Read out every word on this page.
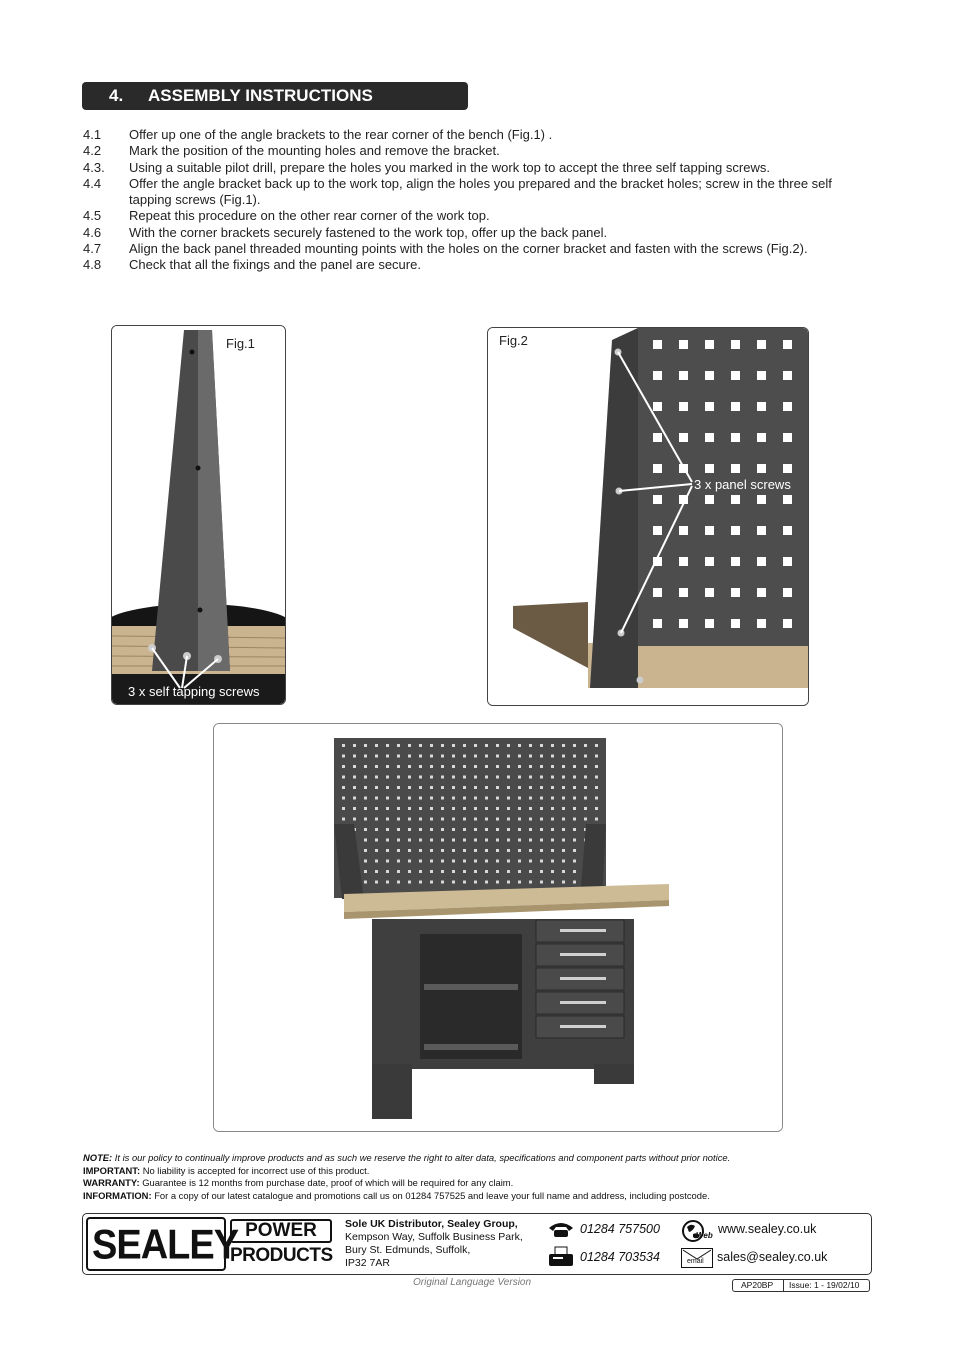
4. ASSEMBLY INSTRUCTIONS
4.1 Offer up one of the angle brackets to the rear corner of the bench (Fig.1) .
4.2 Mark the position of the mounting holes and remove the bracket.
4.3. Using a suitable pilot drill, prepare the holes you marked in the work top to accept the three self tapping screws.
4.4 Offer the angle bracket back up to the work top, align the holes you prepared and the bracket holes; screw in the three self tapping screws (Fig.1).
4.5 Repeat this procedure on the other rear corner of the work top.
4.6 With the corner brackets securely fastened to the work top, offer up the back panel.
4.7 Align the back panel threaded mounting points with the holes on the corner bracket and fasten with the screws (Fig.2).
4.8 Check that all the fixings and the panel are secure.
Fig.1
3 x self tapping screws
Fig.2
3 x panel screws
NOTE: It is our policy to continually improve products and as such we reserve the right to alter data, specifications and component parts without prior notice.
IMPORTANT: No liability is accepted for incorrect use of this product.
WARRANTY: Guarantee is 12 months from purchase date, proof of which will be required for any claim.
INFORMATION: For a copy of our latest catalogue and promotions call us on 01284 757525 and leave your full name and address, including postcode.
SEALEY POWER
PRODUCTS
Sole UK Distributor, Sealey Group,
Kempson Way, Suffolk Business Park,
Bury St. Edmunds, Suffolk,
IP32 7AR
01284 757500
01284 703534
Web www.sealey.co.uk
email sales@sealey.co.uk
Original Language Version	AP20BP Issue: 1 - 19/02/10
